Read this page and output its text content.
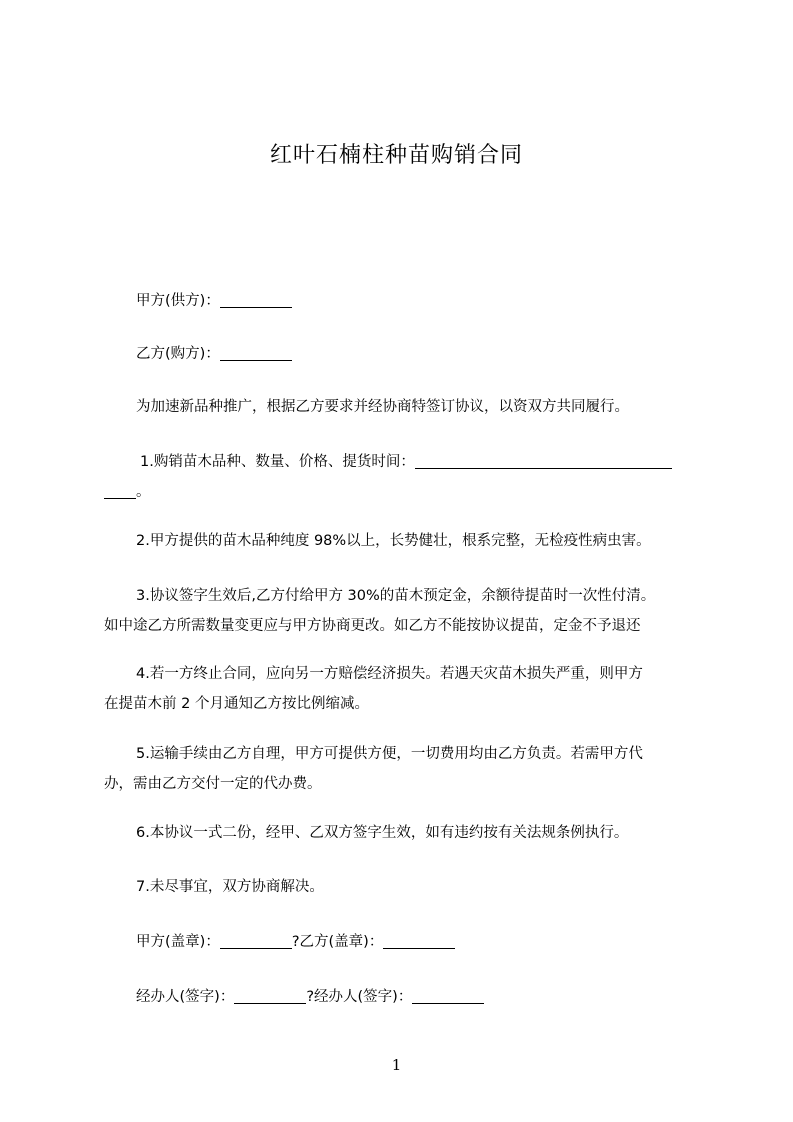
红叶石楠柱种苗购销合同
甲方(供方)：
乙方(购方)：
为加速新品种推广，根据乙方要求并经协商特签订协议，以资双方共同履行。
1.购销苗木品种、数量、价格、提货时间：
。
2.甲方提供的苗木品种纯度 98%以上，长势健壮，根系完整，无检疫性病虫害。
3.协议签字生效后,乙方付给甲方 30%的苗木预定金，余额待提苗时一次性付清。
如中途乙方所需数量变更应与甲方协商更改。如乙方不能按协议提苗，定金不予退还
4.若一方终止合同，应向另一方赔偿经济损失。若遇天灾苗木损失严重，则甲方
在提苗木前 2 个月通知乙方按比例缩减。
5.运输手续由乙方自理，甲方可提供方便，一切费用均由乙方负责。若需甲方代
办，需由乙方交付一定的代办费。
6.本协议一式二份，经甲、乙双方签字生效，如有违约按有关法规条例执行。
7.未尽事宜，双方协商解决。
甲方(盖章)：	?乙方(盖章)：
经办人(签字)：	?经办人(签字)：
1
